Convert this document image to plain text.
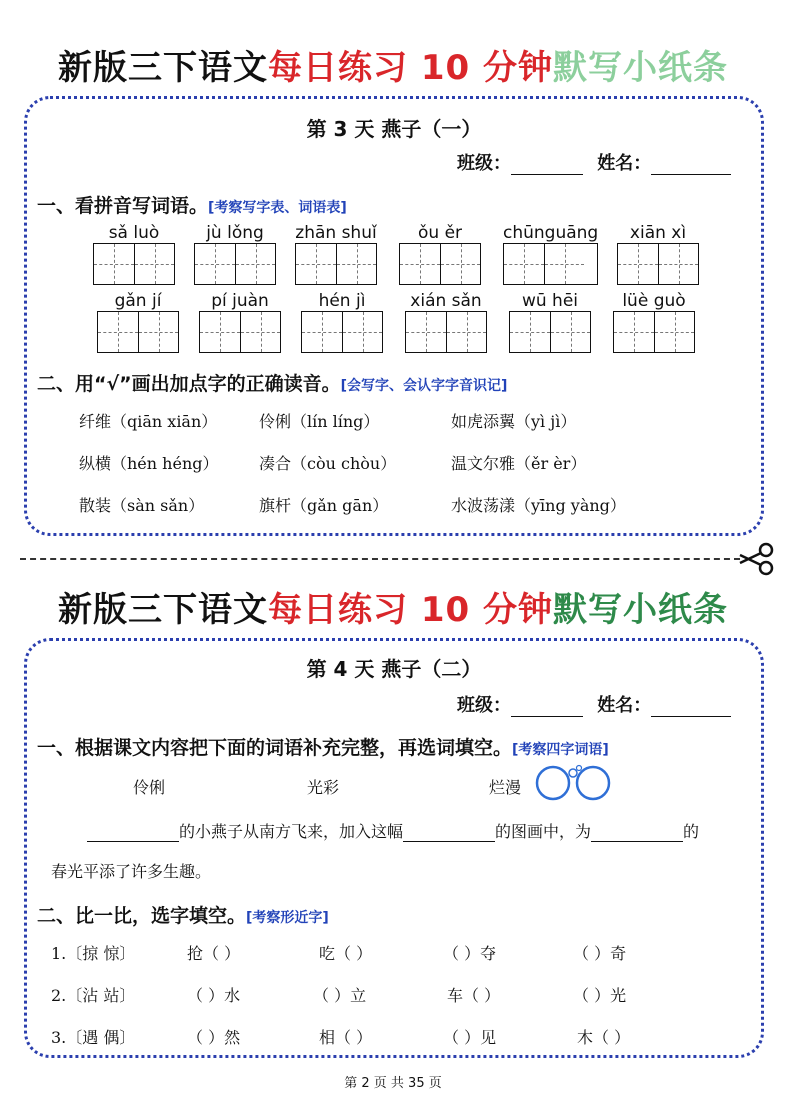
新版三下语文每日练习 10 分钟默写小纸条
第 3 天 燕子（一）
班级：	姓名：
一、看拼音写词语。[考察写字表、词语表]
sǎ luò	jù lǒng	zhān shuǐ	ǒu ěr	chūnguāng	xiān xì
gǎn jí	pí juàn	hén jì	xián sǎn	wū hēi	lüè guò
二、用“√”画出加点字的正确读音。[会写字、会认字字音识记]
纤维（qiān xiān）	伶俐（lín líng）	如虎添翼（yì jì）
纵横（hén héng）	凑合（còu chòu）	温文尔雅（ěr èr）
散装（sàn sǎn）	旗杆（gǎn gān）	水波荡漾（yīng yàng）
新版三下语文每日练习 10 分钟默写小纸条
第 4 天 燕子（二）
班级：	姓名：
一、根据课文内容把下面的词语补充完整，再选词填空。[考察四字词语]
伶俐	光彩	烂漫
的小燕子从南方飞来，加入这幅	的图画中，为	的
春光平添了许多生趣。
二、比一比，选字填空。[考察形近字]
1.〔掠 惊〕	抢（ ）	吃（ ）	（ ）夺	（ ）奇
2.〔沾 站〕	（ ）水	（ ）立	车（ ）	（ ）光
3.〔遇 偶〕	（ ）然	相（ ）	（ ）见	木（ ）
第 2 页 共 35 页
